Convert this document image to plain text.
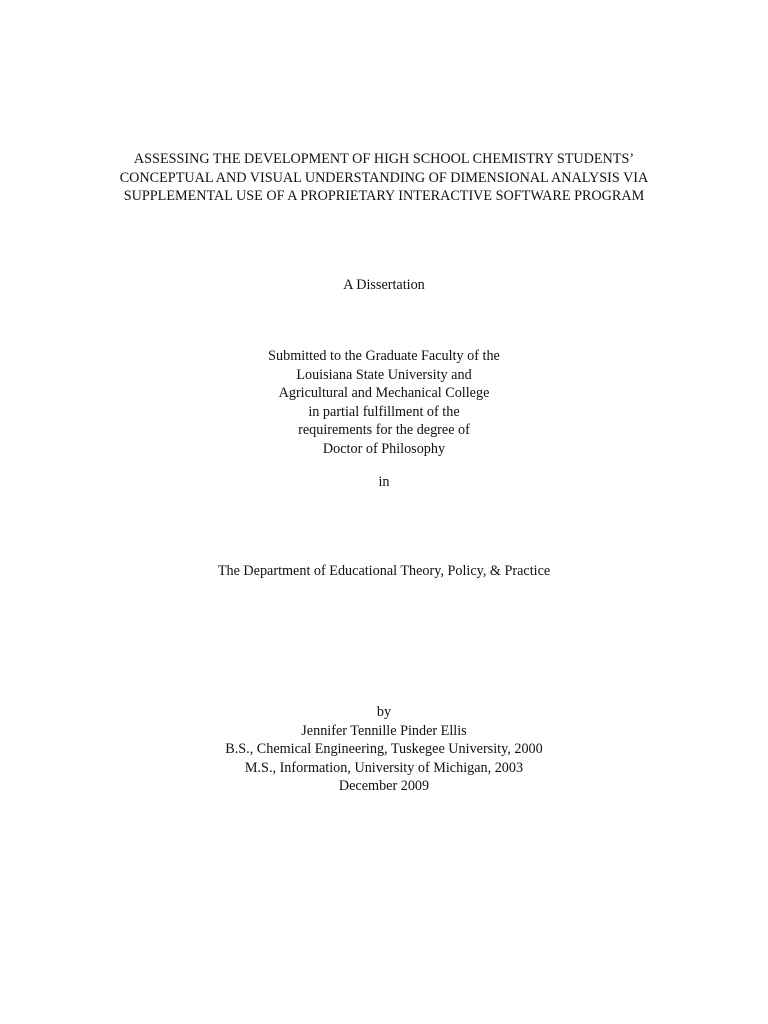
ASSESSING THE DEVELOPMENT OF HIGH SCHOOL CHEMISTRY STUDENTS’
CONCEPTUAL AND VISUAL UNDERSTANDING OF DIMENSIONAL ANALYSIS VIA
SUPPLEMENTAL USE OF A PROPRIETARY INTERACTIVE SOFTWARE PROGRAM
A Dissertation
Submitted to the Graduate Faculty of the
Louisiana State University and
Agricultural and Mechanical College
in partial fulfillment of the
requirements for the degree of
Doctor of Philosophy
in
The Department of Educational Theory, Policy, & Practice
by
Jennifer Tennille Pinder Ellis
B.S., Chemical Engineering, Tuskegee University, 2000
M.S., Information, University of Michigan, 2003
December 2009
